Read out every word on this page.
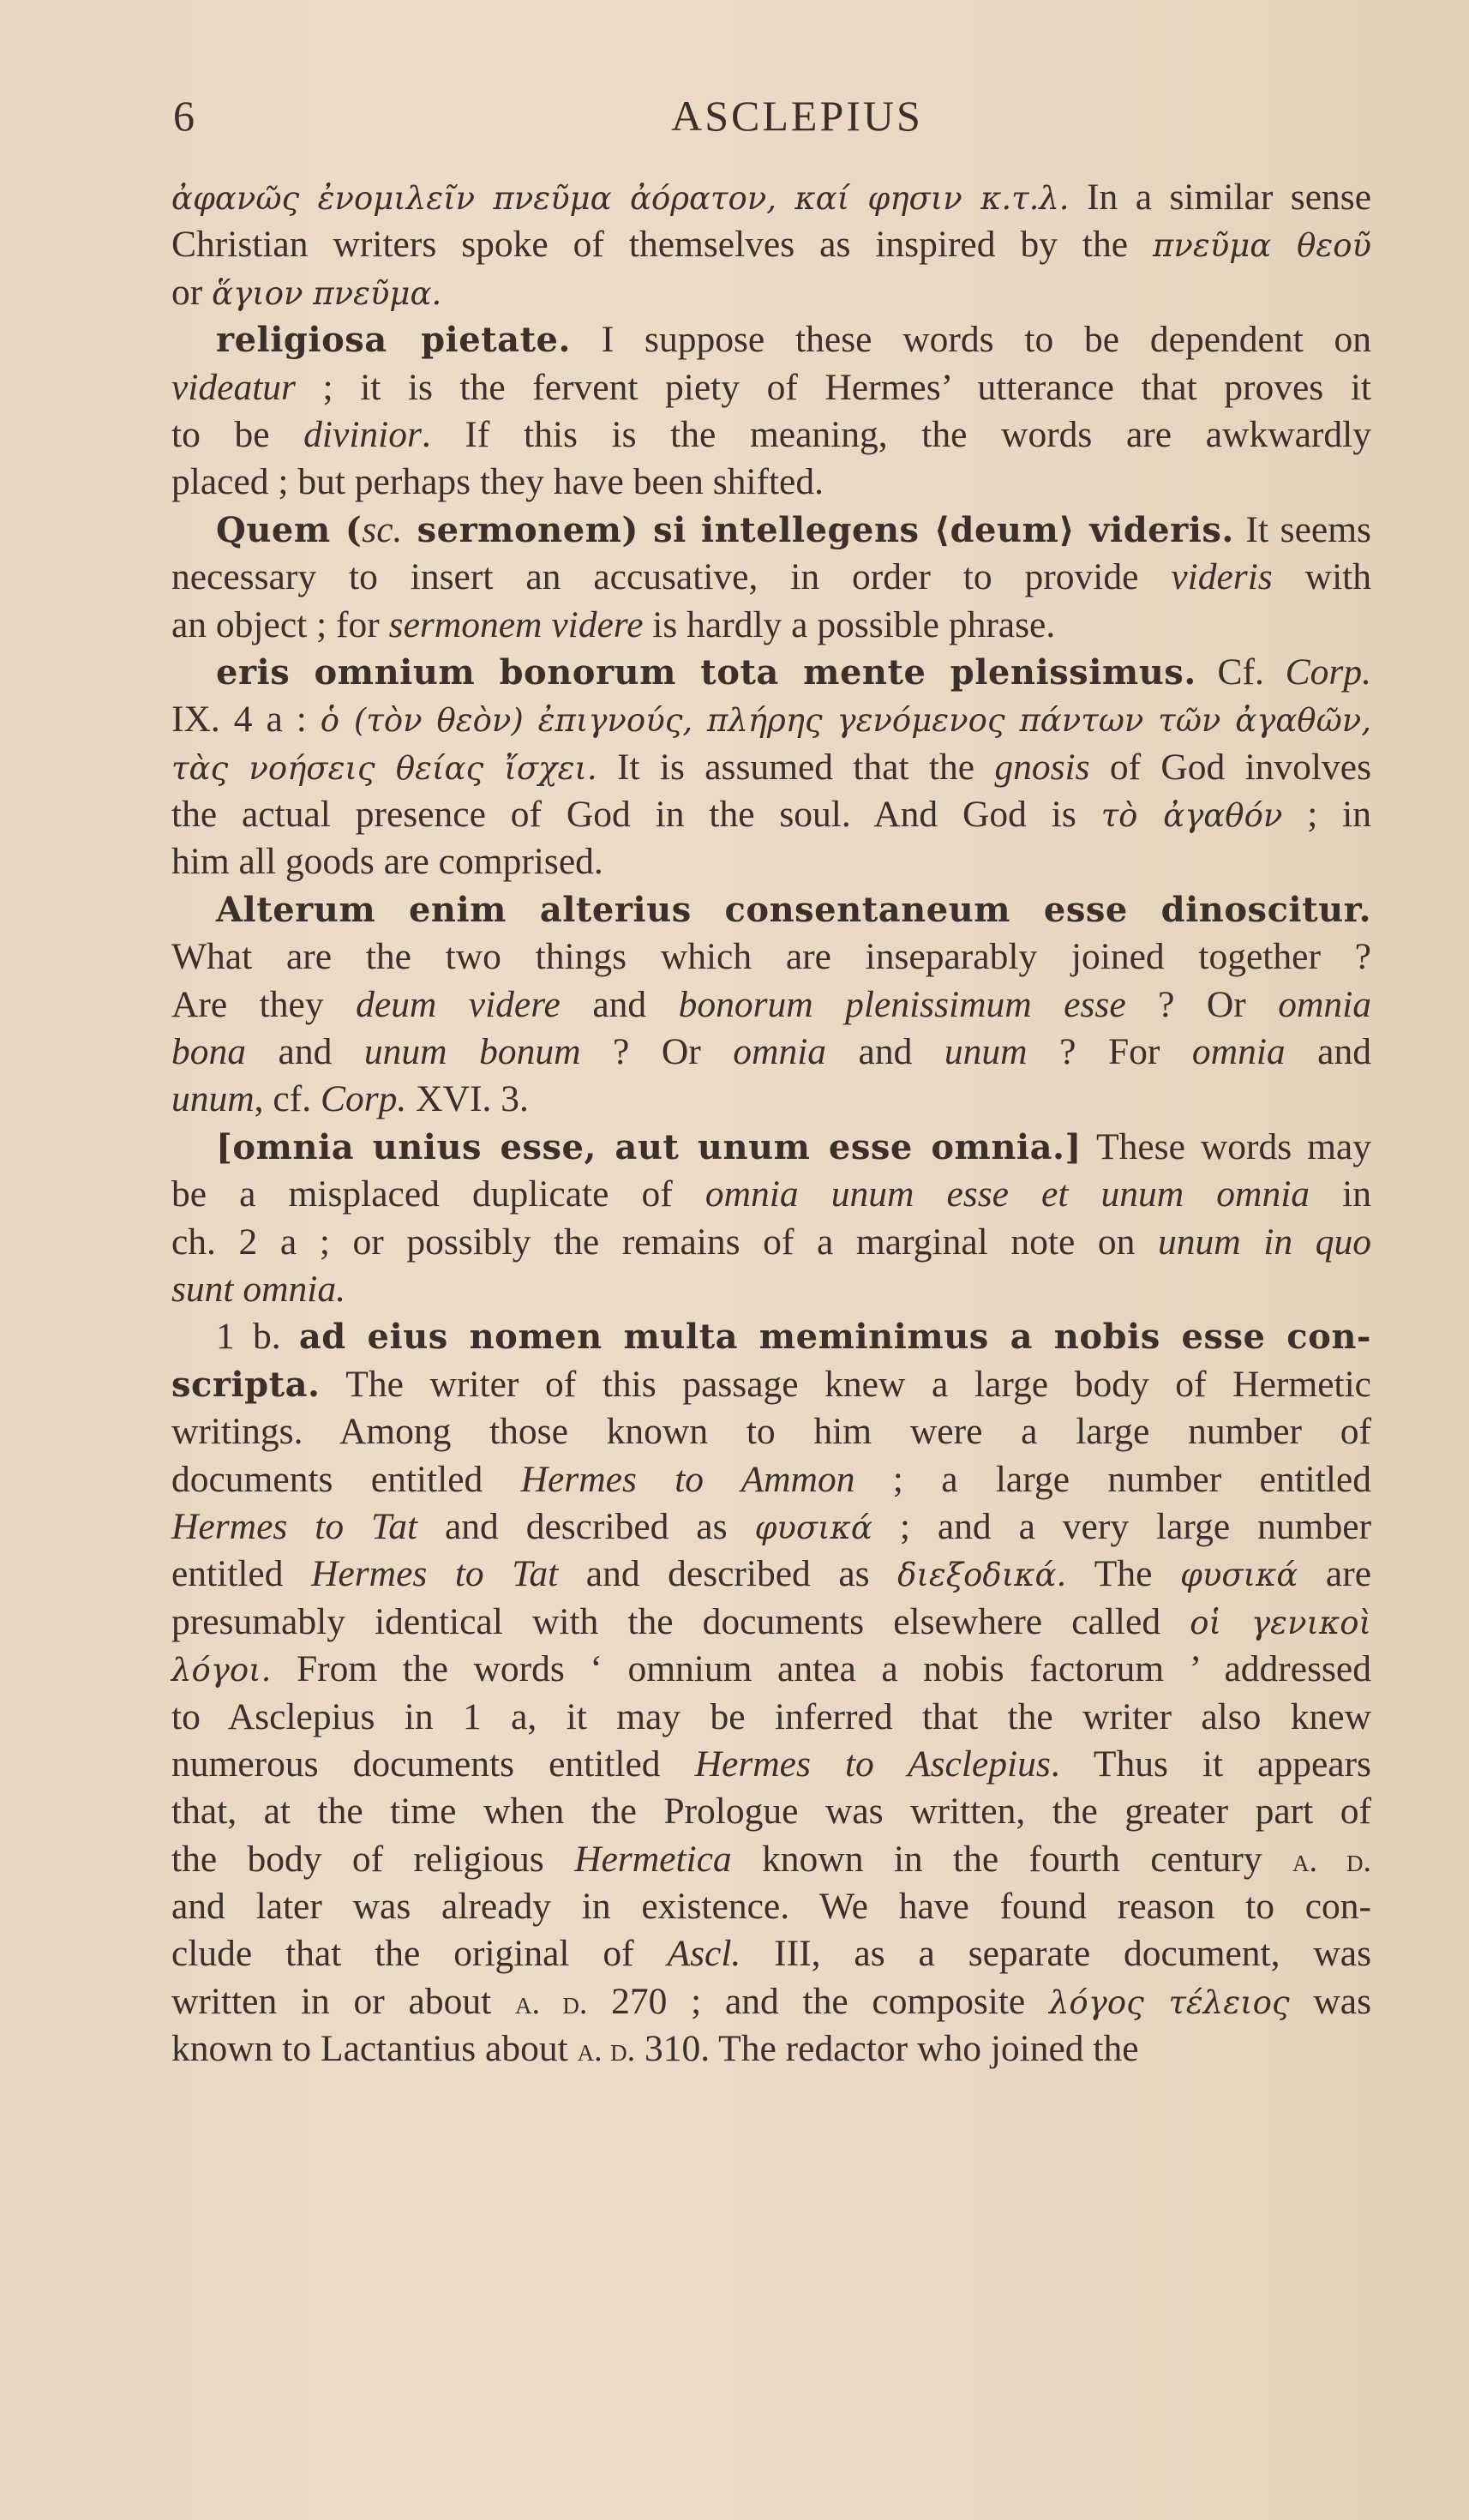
6	ASCLEPIUS
ἀφανῶς ἐνομιλεῖν πνεῦμα ἀόρατον, καί φησιν κ.τ.λ. In a similar sense
Christian writers spoke of themselves as inspired by the πνεῦμα θεοῦ
or ἅγιον πνεῦμα.
religiosa pietate. I suppose these words to be dependent on
videatur ; it is the fervent piety of Hermes’ utterance that proves it
to be divinior. If this is the meaning, the words are awkwardly
placed ; but perhaps they have been shifted.
Quem (sc. sermonem) si intellegens ⟨deum⟩ videris. It seems
necessary to insert an accusative, in order to provide videris with
an object ; for sermonem videre is hardly a possible phrase.
eris omnium bonorum tota mente plenissimus. Cf. Corp.
IX. 4 a : ὁ (τὸν θεὸν) ἐπιγνούς, πλήρης γενόμενος πάντων τῶν ἀγαθῶν,
τὰς νοήσεις θείας ἴσχει. It is assumed that the gnosis of God involves
the actual presence of God in the soul. And God is τὸ ἀγαθόν ; in
him all goods are comprised.
Alterum enim alterius consentaneum esse dinoscitur.
What are the two things which are inseparably joined together ?
Are they deum videre and bonorum plenissimum esse ? Or omnia
bona and unum bonum ? Or omnia and unum ? For omnia and
unum, cf. Corp. XVI. 3.
[omnia unius esse, aut unum esse omnia.] These words may
be a misplaced duplicate of omnia unum esse et unum omnia in
ch. 2 a ; or possibly the remains of a marginal note on unum in quo
sunt omnia.
1 b. ad eius nomen multa meminimus a nobis esse con-
scripta. The writer of this passage knew a large body of Hermetic
writings. Among those known to him were a large number of
documents entitled Hermes to Ammon ; a large number entitled
Hermes to Tat and described as φυσικά ; and a very large number
entitled Hermes to Tat and described as διεξοδικά. The φυσικά are
presumably identical with the documents elsewhere called οἱ γενικοὶ
λόγοι. From the words ‘ omnium antea a nobis factorum ’ addressed
to Asclepius in 1 a, it may be inferred that the writer also knew
numerous documents entitled Hermes to Asclepius. Thus it appears
that, at the time when the Prologue was written, the greater part of
the body of religious Hermetica known in the fourth century a. d.
and later was already in existence. We have found reason to con-
clude that the original of Ascl. III, as a separate document, was
written in or about a. d. 270 ; and the composite λόγος τέλειος was
known to Lactantius about a. d. 310. The redactor who joined the
